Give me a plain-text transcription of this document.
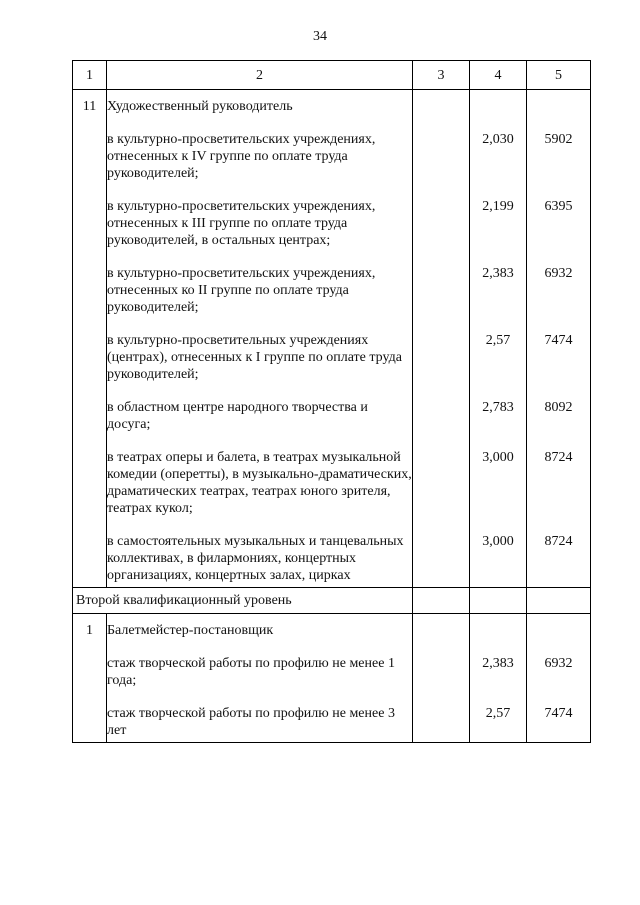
34
1	2	3	4	5
11	Художественный руководитель			
	в культурно-просветительских учреждениях, отнесенных к IV группе по оплате труда руководителей;		2,030	5902
	в культурно-просветительских учреждениях, отнесенных к III группе по оплате труда руководителей, в остальных центрах;		2,199	6395
	в культурно-просветительских учреждениях, отнесенных ко II группе по оплате труда руководителей;		2,383	6932
	в культурно-просветительных учреждениях (центрах), отнесенных к I группе по оплате труда руководителей;		2,57	7474
	в областном центре народного творчества и досуга;		2,783	8092
	в театрах оперы и балета, в театрах музыкальной комедии (оперетты), в музыкально-драматических, драматических театрах, театрах юного зрителя, театрах кукол;		3,000	8724
	в самостоятельных музыкальных и танцевальных коллективах, в филармониях, концертных организациях, концертных залах, цирках		3,000	8724

Второй квалификационный уровень				
1	Балетмейстер-постановщик			
	стаж творческой работы по профилю не менее 1 года;		2,383	6932
	стаж творческой работы по профилю не менее 3 лет		2,57	7474
